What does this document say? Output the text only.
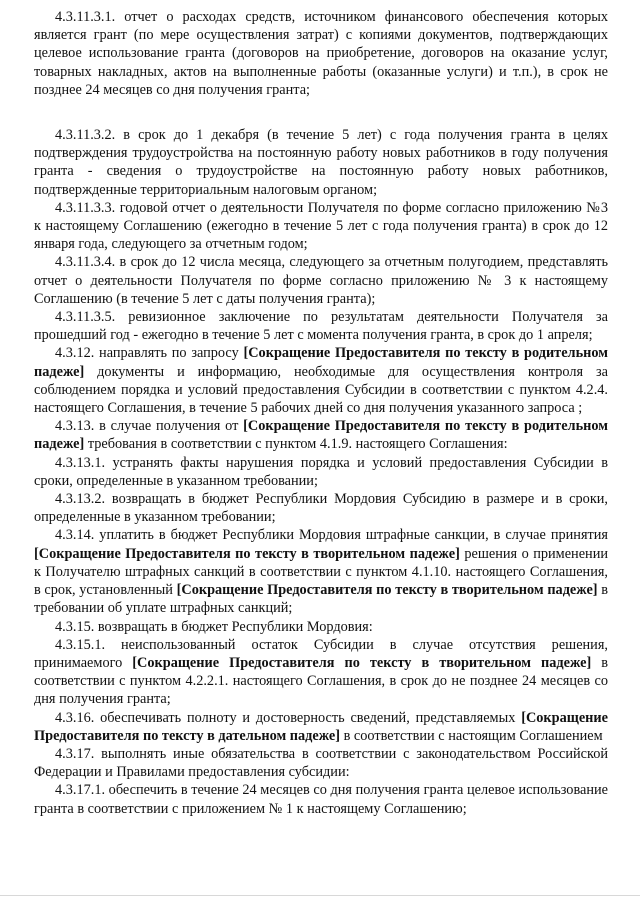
4.3.11.3.1. отчет о расходах средств, источником финансового обеспечения которых является грант (по мере осуществления затрат) с копиями документов, подтверждающих целевое использование гранта (договоров на приобретение, договоров на оказание услуг, товарных накладных, актов на выполненные работы (оказанные услуги) и т.п.), в срок не позднее 24 месяцев со дня получения гранта;

4.3.11.3.2. в срок до 1 декабря (в течение 5 лет) с года получения гранта в целях подтверждения трудоустройства на постоянную работу новых работников в году получения гранта - сведения о трудоустройстве на постоянную работу новых работников, подтвержденные территориальным налоговым органом;

4.3.11.3.3. годовой отчет о деятельности Получателя по форме согласно приложению №3 к настоящему Соглашению (ежегодно в течение 5 лет с года получения гранта) в срок до 12 января года, следующего за отчетным годом;

4.3.11.3.4. в срок до 12 числа месяца, следующего за отчетным полугодием, представлять отчет о деятельности Получателя по форме согласно приложению № 3 к настоящему Соглашению (в течение 5 лет с даты получения гранта);

4.3.11.3.5. ревизионное заключение по результатам деятельности Получателя за прошедший год - ежегодно в течение 5 лет с момента получения гранта, в срок до 1 апреля;

4.3.12. направлять по запросу [Сокращение Предоставителя по тексту в родительном падеже] документы и информацию, необходимые для осуществления контроля за соблюдением порядка и условий предоставления Субсидии в соответствии с пунктом 4.2.4. настоящего Соглашения, в течение 5 рабочих дней со дня получения указанного запроса ;

4.3.13. в случае получения от [Сокращение Предоставителя по тексту в родительном падеже] требования в соответствии с пунктом 4.1.9. настоящего Соглашения:

4.3.13.1. устранять факты нарушения порядка и условий предоставления Субсидии в сроки, определенные в указанном требовании;

4.3.13.2. возвращать в бюджет Республики Мордовия Субсидию в размере и в сроки, определенные в указанном требовании;

4.3.14. уплатить в бюджет Республики Мордовия штрафные санкции, в случае принятия [Сокращение Предоставителя по тексту в творительном падеже] решения о применении к Получателю штрафных санкций в соответствии с пунктом 4.1.10. настоящего Соглашения, в срок, установленный [Сокращение Предоставителя по тексту в творительном падеже] в требовании об уплате штрафных санкций;

4.3.15. возвращать в бюджет Республики Мордовия:

4.3.15.1. неиспользованный остаток Субсидии в случае отсутствия решения, принимаемого [Сокращение Предоставителя по тексту в творительном падеже] в соответствии с пунктом 4.2.2.1. настоящего Соглашения, в срок до не позднее 24 месяцев со дня получения гранта;

4.3.16. обеспечивать полноту и достоверность сведений, представляемых [Сокращение Предоставителя по тексту в дательном падеже] в соответствии с настоящим Соглашением

4.3.17. выполнять иные обязательства в соответствии с законодательством Российской Федерации и Правилами предоставления субсидии:

4.3.17.1. обеспечить в течение 24 месяцев со дня получения гранта целевое использование гранта в соответствии с приложением № 1 к настоящему Соглашению;
